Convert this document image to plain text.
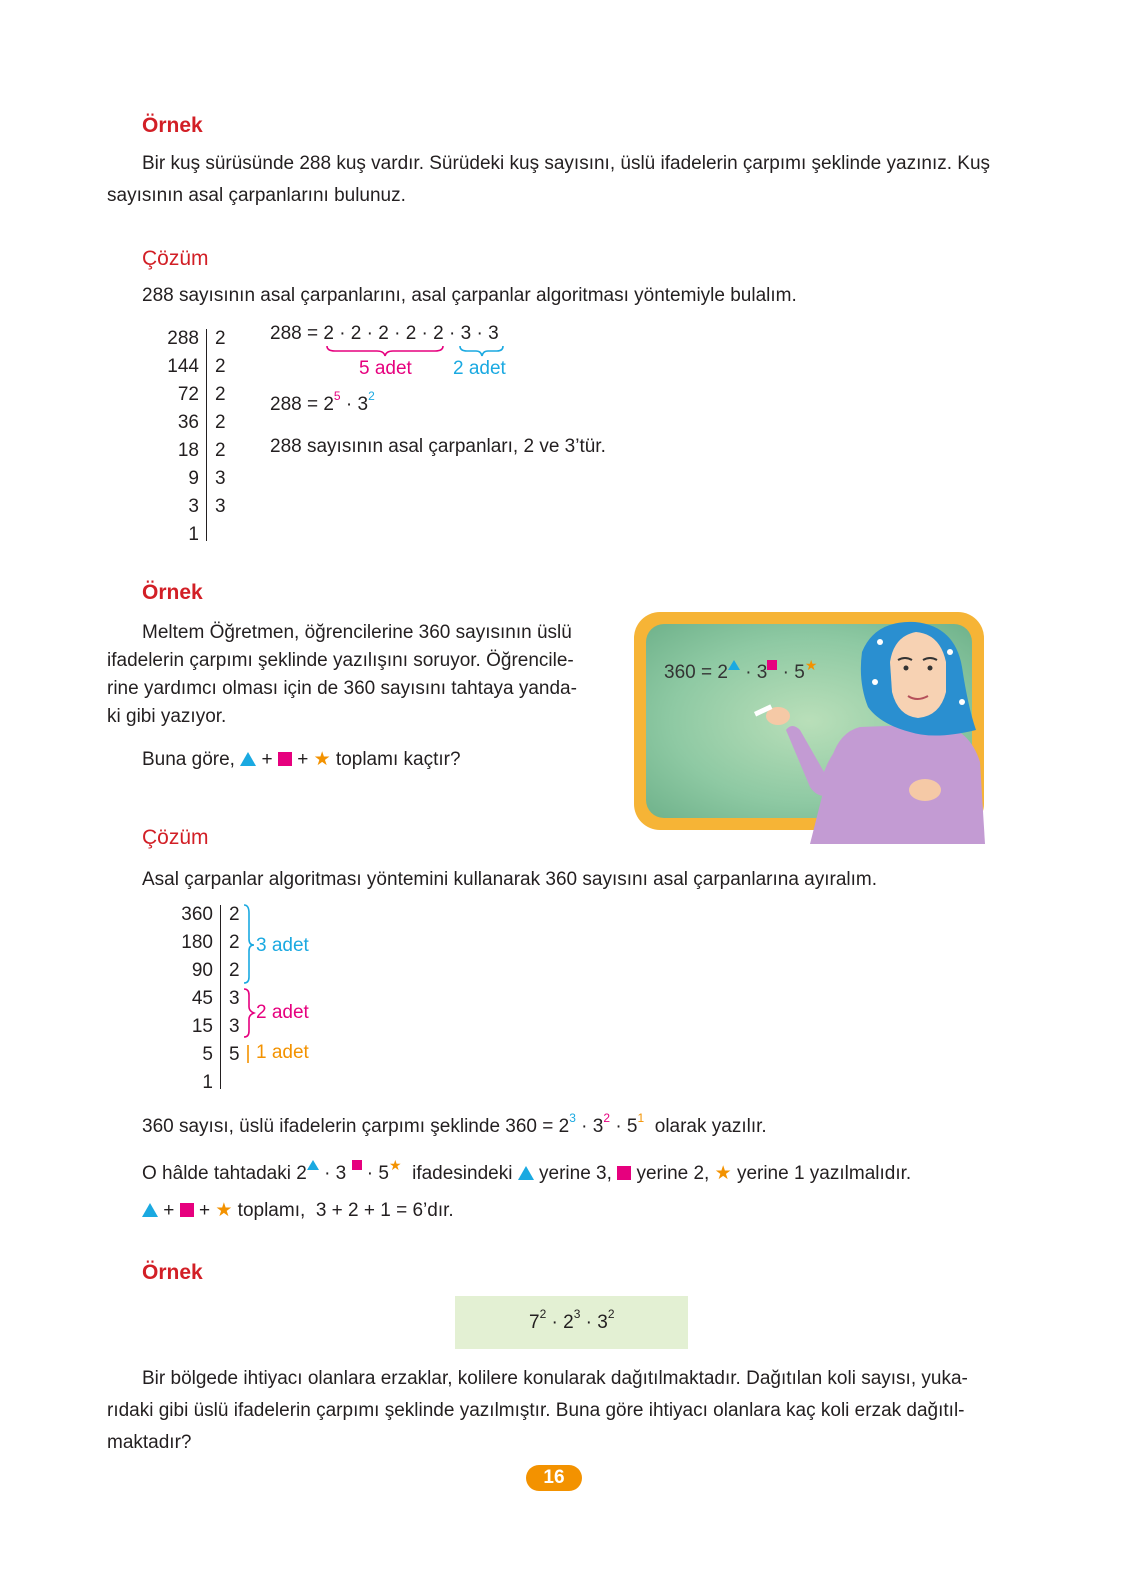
Örnek
Bir kuş sürüsünde 288 kuş vardır. Sürüdeki kuş sayısını, üslü ifadelerin çarpımı şeklinde yazınız. Kuş
sayısının asal çarpanlarını bulunuz.
Çözüm
288 sayısının asal çarpanlarını, asal çarpanlar algoritması yöntemiyle bulalım.
288
144
72
36
18
9
3
1
2
2
2
2
2
3
3
288 = 2 · 2 · 2 · 2 · 2 · 3 · 3
5 adet 2 adet
$288 = 2^5 \cdot 3^2$
288 sayısının asal çarpanları, 2 ve 3’tür.
Örnek
Meltem Öğretmen, öğrencilerine 360 sayısının üslü
ifadelerin çarpımı şeklinde yazılışını soruyor. Öğrencile-
rine yardımcı olması için de 360 sayısını tahtaya yanda-
ki gibi yazıyor.
Buna göre, + + ★ toplamı kaçtır?
360 = 2 · 3 · 5★
Çözüm
Asal çarpanlar algoritması yöntemini kullanarak 360 sayısını asal çarpanlarına ayıralım.
360
180
90
45
15
5
1
2
2
2
3
3
5
3 adet
2 adet
1 adet
360 sayısı, üslü ifadelerin çarpımı şeklinde $360 = 2^3 \cdot 3^2 \cdot 5^1$ olarak yazılır.
O hâlde tahtadaki 2 · 3  · 5★ ifadesindeki yerine 3, yerine 2, ★ yerine 1 yazılmalıdır.
+ + ★ toplamı,  3 + 2 + 1 = 6’dır.
Örnek
$7^2 \cdot 2^3 \cdot 3^2$
Bir bölgede ihtiyacı olanlara erzaklar, kolilere konularak dağıtılmaktadır. Dağıtılan koli sayısı, yuka-
rıdaki gibi üslü ifadelerin çarpımı şeklinde yazılmıştır. Buna göre ihtiyacı olanlara kaç koli erzak dağıtıl-
maktadır?
16
